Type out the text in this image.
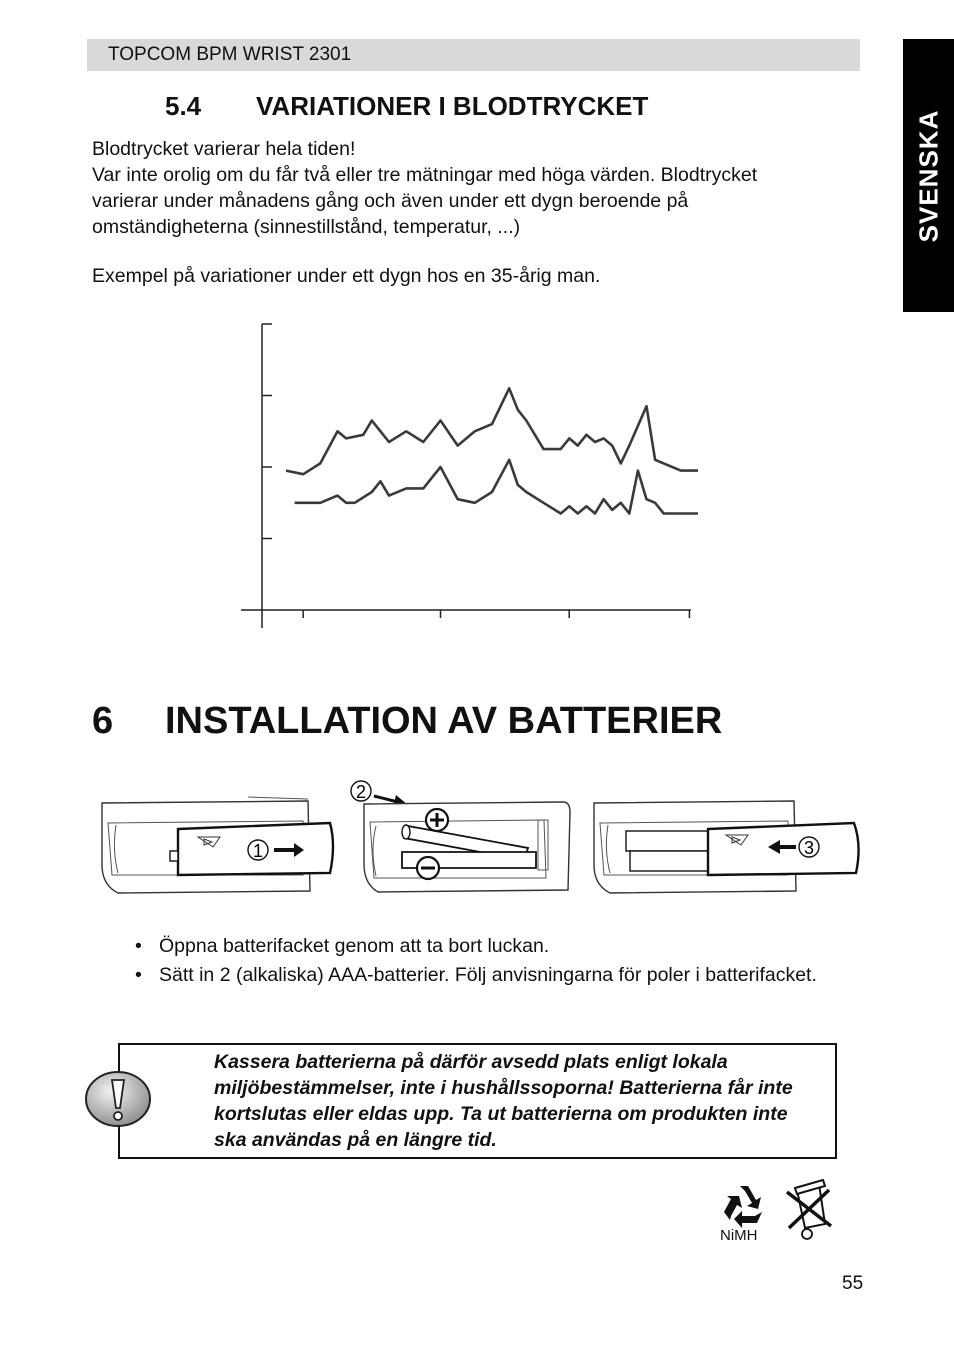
TOPCOM BPM WRIST 2301
SVENSKA
5.4 VARIATIONER I BLODTRYCKET
Blodtrycket varierar hela tiden!
Var inte orolig om du får två eller tre mätningar med höga värden. Blodtrycket
varierar under månadens gång och även under ett dygn beroende på
omständigheterna (sinnestillstånd, temperatur, ...)
Exempel på variationer under ett dygn hos en 35-årig man.
6 INSTALLATION AV BATTERIER
1
2
3
• Öppna batterifacket genom att ta bort luckan.
• Sätt in 2 (alkaliska) AAA-batterier. Följ anvisningarna för poler i batterifacket.
Kassera batterierna på därför avsedd plats enligt lokala miljöbestämmelser, inte i hushållssoporna! Batterierna får inte kortslutas eller eldas upp. Ta ut batterierna om produkten inte ska användas på en längre tid.
NiMH
55
